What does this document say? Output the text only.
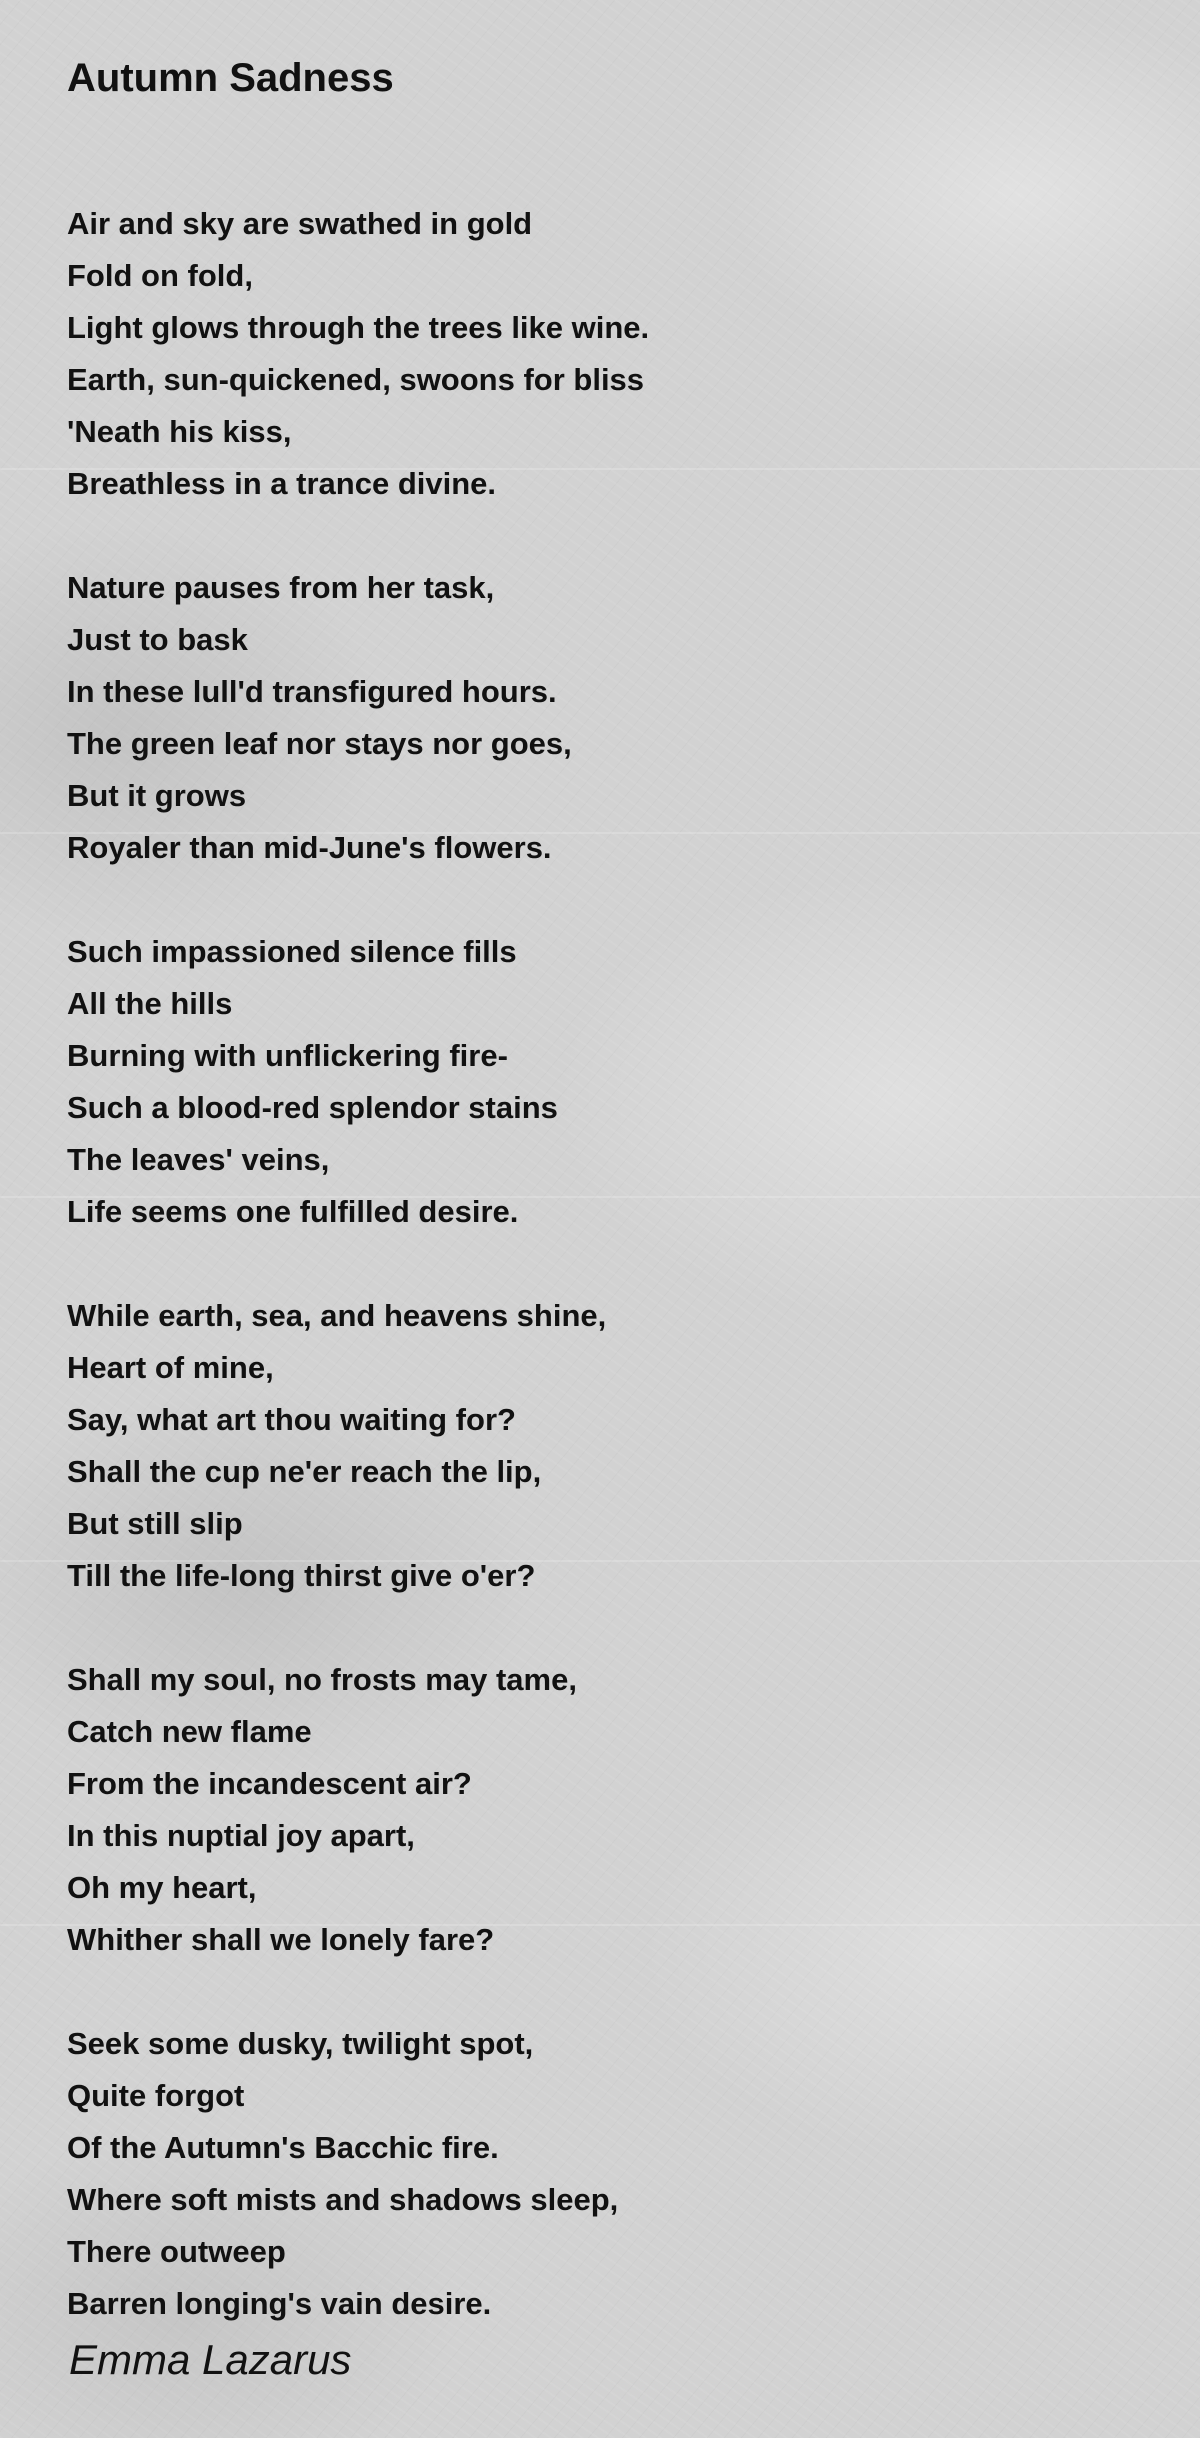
Autumn Sadness
Air and sky are swathed in gold
Fold on fold,
Light glows through the trees like wine.
Earth, sun-quickened, swoons for bliss
'Neath his kiss,
Breathless in a trance divine.
Nature pauses from her task,
Just to bask
In these lull'd transfigured hours.
The green leaf nor stays nor goes,
But it grows
Royaler than mid-June's flowers.
Such impassioned silence fills
All the hills
Burning with unflickering fire-
Such a blood-red splendor stains
The leaves' veins,
Life seems one fulfilled desire.
While earth, sea, and heavens shine,
Heart of mine,
Say, what art thou waiting for?
Shall the cup ne'er reach the lip,
But still slip
Till the life-long thirst give o'er?
Shall my soul, no frosts may tame,
Catch new flame
From the incandescent air?
In this nuptial joy apart,
Oh my heart,
Whither shall we lonely fare?
Seek some dusky, twilight spot,
Quite forgot
Of the Autumn's Bacchic fire.
Where soft mists and shadows sleep,
There outweep
Barren longing's vain desire.
Emma Lazarus
